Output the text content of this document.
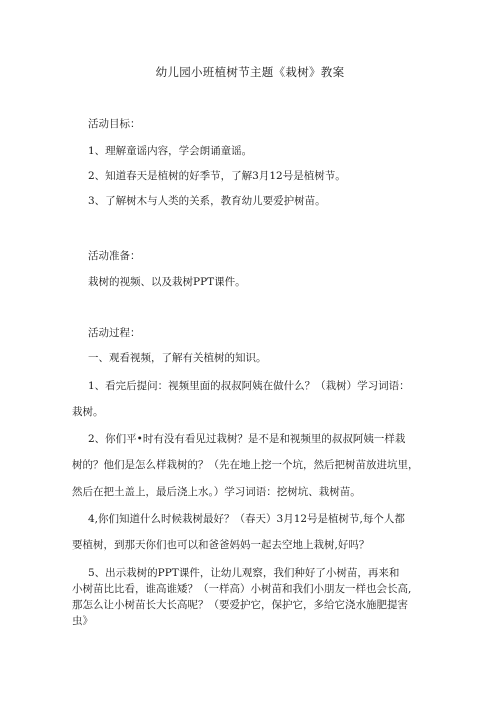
幼儿园小班植树节主题《栽树》教案
活动目标：
1、理解童谣内容，学会朗诵童谣。
2、知道春天是植树的好季节，了解3月12号是植树节。
3、了解树木与人类的关系，教育幼儿要爱护树苗。
活动准备：
栽树的视频、以及栽树PPT课件。
活动过程：
一、观看视频，了解有关植树的知识。
1、看完后提问：视频里面的叔叔阿姨在做什么？（栽树）学习词语：
栽树。
2、你们平•时有没有看见过栽树？是不是和视频里的叔叔阿姨一样栽
树的？他们是怎么样栽树的？（先在地上挖一个坑，然后把树苗放进坑里，
然后在把土盖上，最后浇上水。）学习词语：挖树坑、栽树苗。
4,你们知道什么时候栽树最好？（春天）3月12号是植树节,每个人都
要植树，到那天你们也可以和爸爸妈妈一起去空地上栽树,好吗？
5、出示栽树的PPT课件，让幼儿观察，我们种好了小树苗，再来和
小树苗比比看，谁高谁矮？（一样高）小树苗和我们小朋友一样也会长高,
那怎么让小树苗长大长高呢？（要爱护它，保护它，多给它浇水施肥提害
虫》
